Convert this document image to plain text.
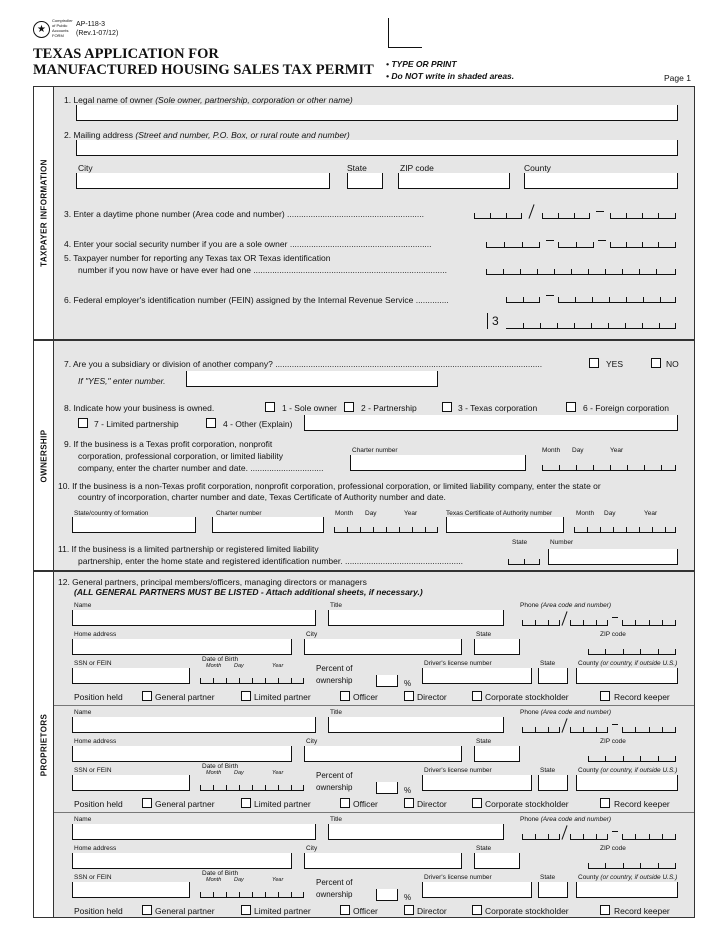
★
Comptroller
of Public
Accounts
FORM
AP-118-3
(Rev.1-07/12)
TEXAS APPLICATION FOR
MANUFACTURED HOUSING SALES TAX PERMIT • TYPE OR PRINT
• Do NOT write in shaded areas.	Page 1
TAXPAYER INFORMATION
1. Legal name of owner (Sole owner, partnership, corporation or other name)
2. Mailing address (Street and number, P.O. Box, or rural route and number)
City	State	ZIP code	County
3. Enter a daytime phone number (Area code and number) ..........................................................
4. Enter your social security number if you are a sole owner ............................................................
5. Taxpayer number for reporting any Texas tax OR Texas identification
number if you now have or have ever had one ..................................................................................
6. Federal employer's identification number (FEIN) assigned by the Internal Revenue Service ..............
3
OWNERSHIP
7. Are you a subsidiary or division of another company? .................................................................................................................	YES	NO
If "YES," enter number.
8. Indicate how your business is owned.	1 - Sole owner	2 - Partnership	3 - Texas corporation	6 - Foreign corporation
7 - Limited partnership	4 - Other (Explain)
9. If the business is a Texas profit corporation, nonprofit
corporation, professional corporation, or limited liability
company, enter the charter number and date. ...............................
Charter number	Month Day	Year
10. If the business is a non-Texas profit corporation, nonprofit corporation, professional corporation, or limited liability company, enter the state or
country of incorporation, charter number and date, Texas Certificate of Authority number and date.
State/country of formation	Charter number	Month Day	Year	Texas Certificate of Authority number	Month Day	Year
State	Number
11. If the business is a limited partnership or registered limited liability
partnership, enter the home state and registered identification number. ..................................................
PROPRIETORS
12. General partners, principal members/officers, managing directors or managers
(ALL GENERAL PARTNERS MUST BE LISTED - Attach additional sheets, if necessary.)
Name	Title	Phone (Area code and number)
Home address	City	State	ZIP code
SSN or FEIN
Date of Birth
Month Day	Year	Percent of
ownership
Driver's license number	State	County (or country, if outside U.S.)
%
Position held	General partner	Limited partner	Officer	Director	Corporate stockholder	Record keeper
Name	Title	Phone (Area code and number)
Home address	City	State	ZIP code
SSN or FEIN
Date of Birth
Month Day	Year	Percent of
ownership
Driver's license number	State	County (or country, if outside U.S.)
%
Position held	General partner	Limited partner	Officer	Director	Corporate stockholder	Record keeper
Name	Title	Phone (Area code and number)
Home address	City	State	ZIP code
SSN or FEIN
Date of Birth
Month Day	Year	Percent of
ownership
Driver's license number	State	County (or country, if outside U.S.)
%
Position held	General partner	Limited partner	Officer	Director	Corporate stockholder	Record keeper
